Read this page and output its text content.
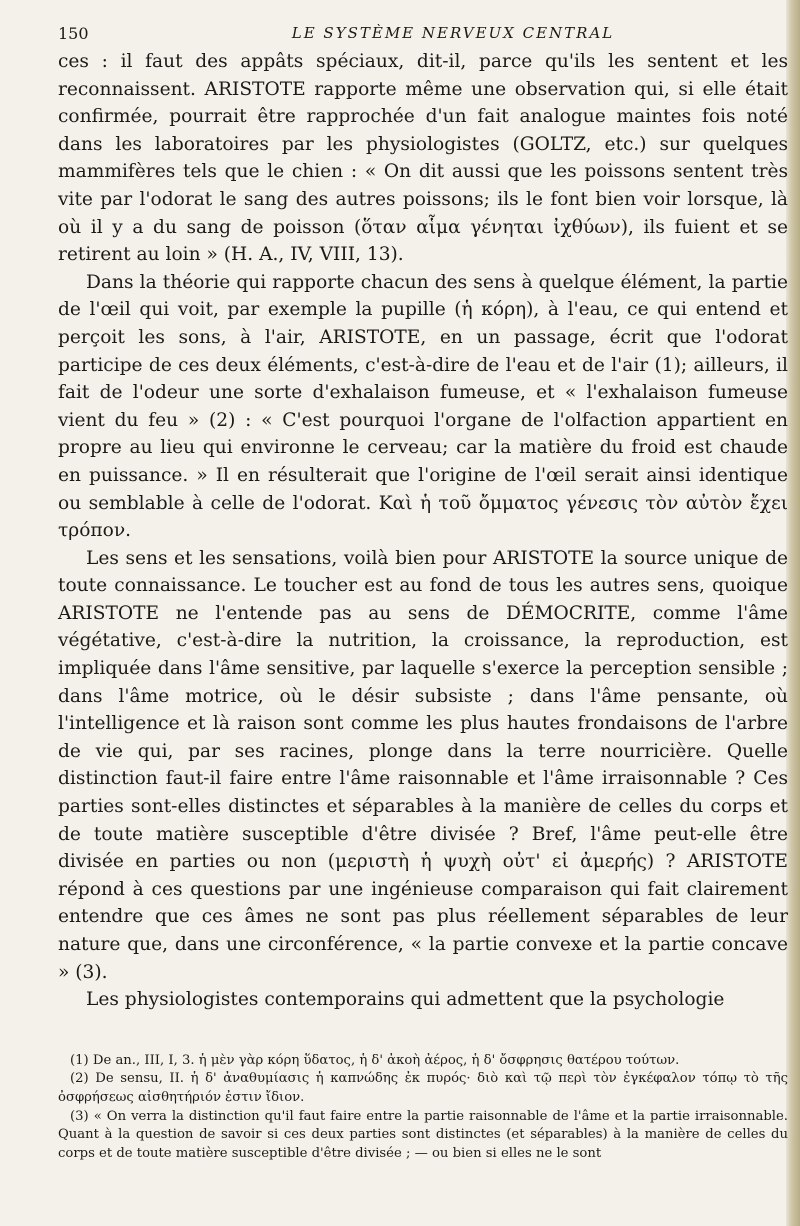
150	LE SYSTÈME NERVEUX CENTRAL

ces : il faut des appâts spéciaux, dit-il, parce qu'ils les sentent et les reconnaissent. ARISTOTE rapporte même une observation qui, si elle était confirmée, pourrait être rapprochée d'un fait analogue maintes fois noté dans les laboratoires par les physiologistes (GOLTZ, etc.) sur quelques mammifères tels que le chien : « On dit aussi que les poissons sentent très vite par l'odorat le sang des autres poissons; ils le font bien voir lorsque, là où il y a du sang de poisson (ὅταν αἷμα γένηται ἰχθύων), ils fuient et se retirent au loin » (H. A., IV, VIII, 13).

Dans la théorie qui rapporte chacun des sens à quelque élément, la partie de l'œil qui voit, par exemple la pupille (ἡ κόρη), à l'eau, ce qui entend et perçoit les sons, à l'air, ARISTOTE, en un passage, écrit que l'odorat participe de ces deux éléments, c'est-à-dire de l'eau et de l'air (1); ailleurs, il fait de l'odeur une sorte d'exhalaison fumeuse, et « l'exhalaison fumeuse vient du feu » (2) : « C'est pourquoi l'organe de l'olfaction appartient en propre au lieu qui environne le cerveau; car la matière du froid est chaude en puissance. » Il en résulterait que l'origine de l'œil serait ainsi identique ou semblable à celle de l'odorat. Καὶ ἡ τοῦ ὄμματος γένεσις τὸν αὐτὸν ἔχει τρόπον.

Les sens et les sensations, voilà bien pour ARISTOTE la source unique de toute connaissance. Le toucher est au fond de tous les autres sens, quoique ARISTOTE ne l'entende pas au sens de DÉMOCRITE, comme l'âme végétative, c'est-à-dire la nutrition, la croissance, la reproduction, est impliquée dans l'âme sensitive, par laquelle s'exerce la perception sensible ; dans l'âme motrice, où le désir subsiste ; dans l'âme pensante, où l'intelligence et là raison sont comme les plus hautes frondaisons de l'arbre de vie qui, par ses racines, plonge dans la terre nourricière. Quelle distinction faut-il faire entre l'âme raisonnable et l'âme irraisonnable ? Ces parties sont-elles distinctes et séparables à la manière de celles du corps et de toute matière susceptible d'être divisée ? Bref, l'âme peut-elle être divisée en parties ou non (μεριστὴ ἡ ψυχὴ οὐτ' εἰ ἀμερής) ? ARISTOTE répond à ces questions par une ingénieuse comparaison qui fait clairement entendre que ces âmes ne sont pas plus réellement séparables de leur nature que, dans une circonférence, « la partie convexe et la partie concave » (3).

Les physiologistes contemporains qui admettent que la psychologie

(1) De an., III, I, 3. ἡ μὲν γὰρ κόρη ὕδατος, ἡ δ' ἀκοὴ ἀέρος, ἡ δ' ὄσφρησις θατέρου τούτων.

(2) De sensu, II. ἡ δ' ἀναθυμίασις ἡ καπνώδης ἐκ πυρός· διὸ καὶ τῷ περὶ τὸν ἐγκέφαλον τόπῳ τὸ τῆς ὀσφρήσεως αἰσθητήριόν ἐστιν ἴδιον.

(3) « On verra la distinction qu'il faut faire entre la partie raisonnable de l'âme et la partie irraisonnable. Quant à la question de savoir si ces deux parties sont distinctes (et séparables) à la manière de celles du corps et de toute matière susceptible d'être divisée ; — ou bien si elles ne le sont
